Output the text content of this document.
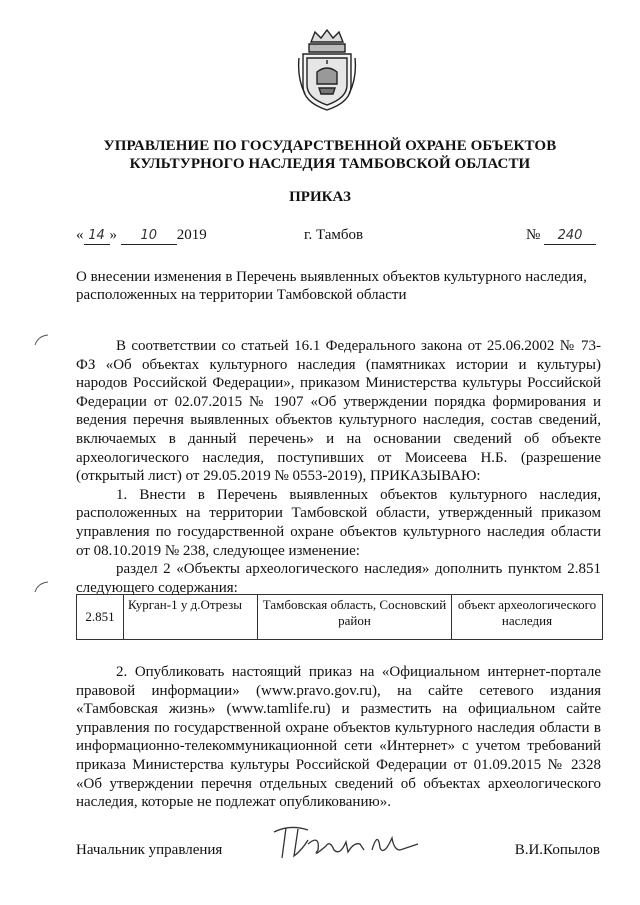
УПРАВЛЕНИЕ ПО ГОСУДАРСТВЕННОЙ ОХРАНЕ ОБЪЕКТОВ
КУЛЬТУРНОГО НАСЛЕДИЯ ТАМБОВСКОЙ ОБЛАСТИ
ПРИКАЗ
« 14 » 10 2019	г. Тамбов	№ 240
О внесении изменения в Перечень выявленных объектов культурного наследия, расположенных на территории Тамбовской области

В соответствии со статьей 16.1 Федерального закона от 25.06.2002 № 73-ФЗ «Об объектах культурного наследия (памятниках истории и культуры) народов Российской Федерации», приказом Министерства культуры Российской Федерации от 02.07.2015 № 1907 «Об утверждении порядка формирования и ведения перечня выявленных объектов культурного наследия, состав сведений, включаемых в данный перечень» и на основании сведений об объекте археологического наследия, поступивших от Моисеева Н.Б. (разрешение (открытый лист) от 29.05.2019 № 0553-2019), ПРИКАЗЫВАЮ:

1. Внести в Перечень выявленных объектов культурного наследия, расположенных на территории Тамбовской области, утвержденный приказом управления по государственной охране объектов культурного наследия области от 08.10.2019 № 238, следующее изменение:

раздел 2 «Объекты археологического наследия» дополнить пунктом 2.851 следующего содержания:

2.851	Курган-1 у д.Отрезы	Тамбовская область, Сосновский район	объект археологического наследия

2. Опубликовать настоящий приказ на «Официальном интернет-портале правовой информации» (www.pravo.gov.ru), на сайте сетевого издания «Тамбовская жизнь» (www.tamlife.ru) и разместить на официальном сайте управления по государственной охране объектов культурного наследия области в информационно-телекоммуникационной сети «Интернет» с учетом требований приказа Министерства культуры Российской Федерации от 01.09.2015 № 2328 «Об утверждении перечня отдельных сведений об объектах археологического наследия, которые не подлежат опубликованию».

Начальник управления	В.И.Копылов
